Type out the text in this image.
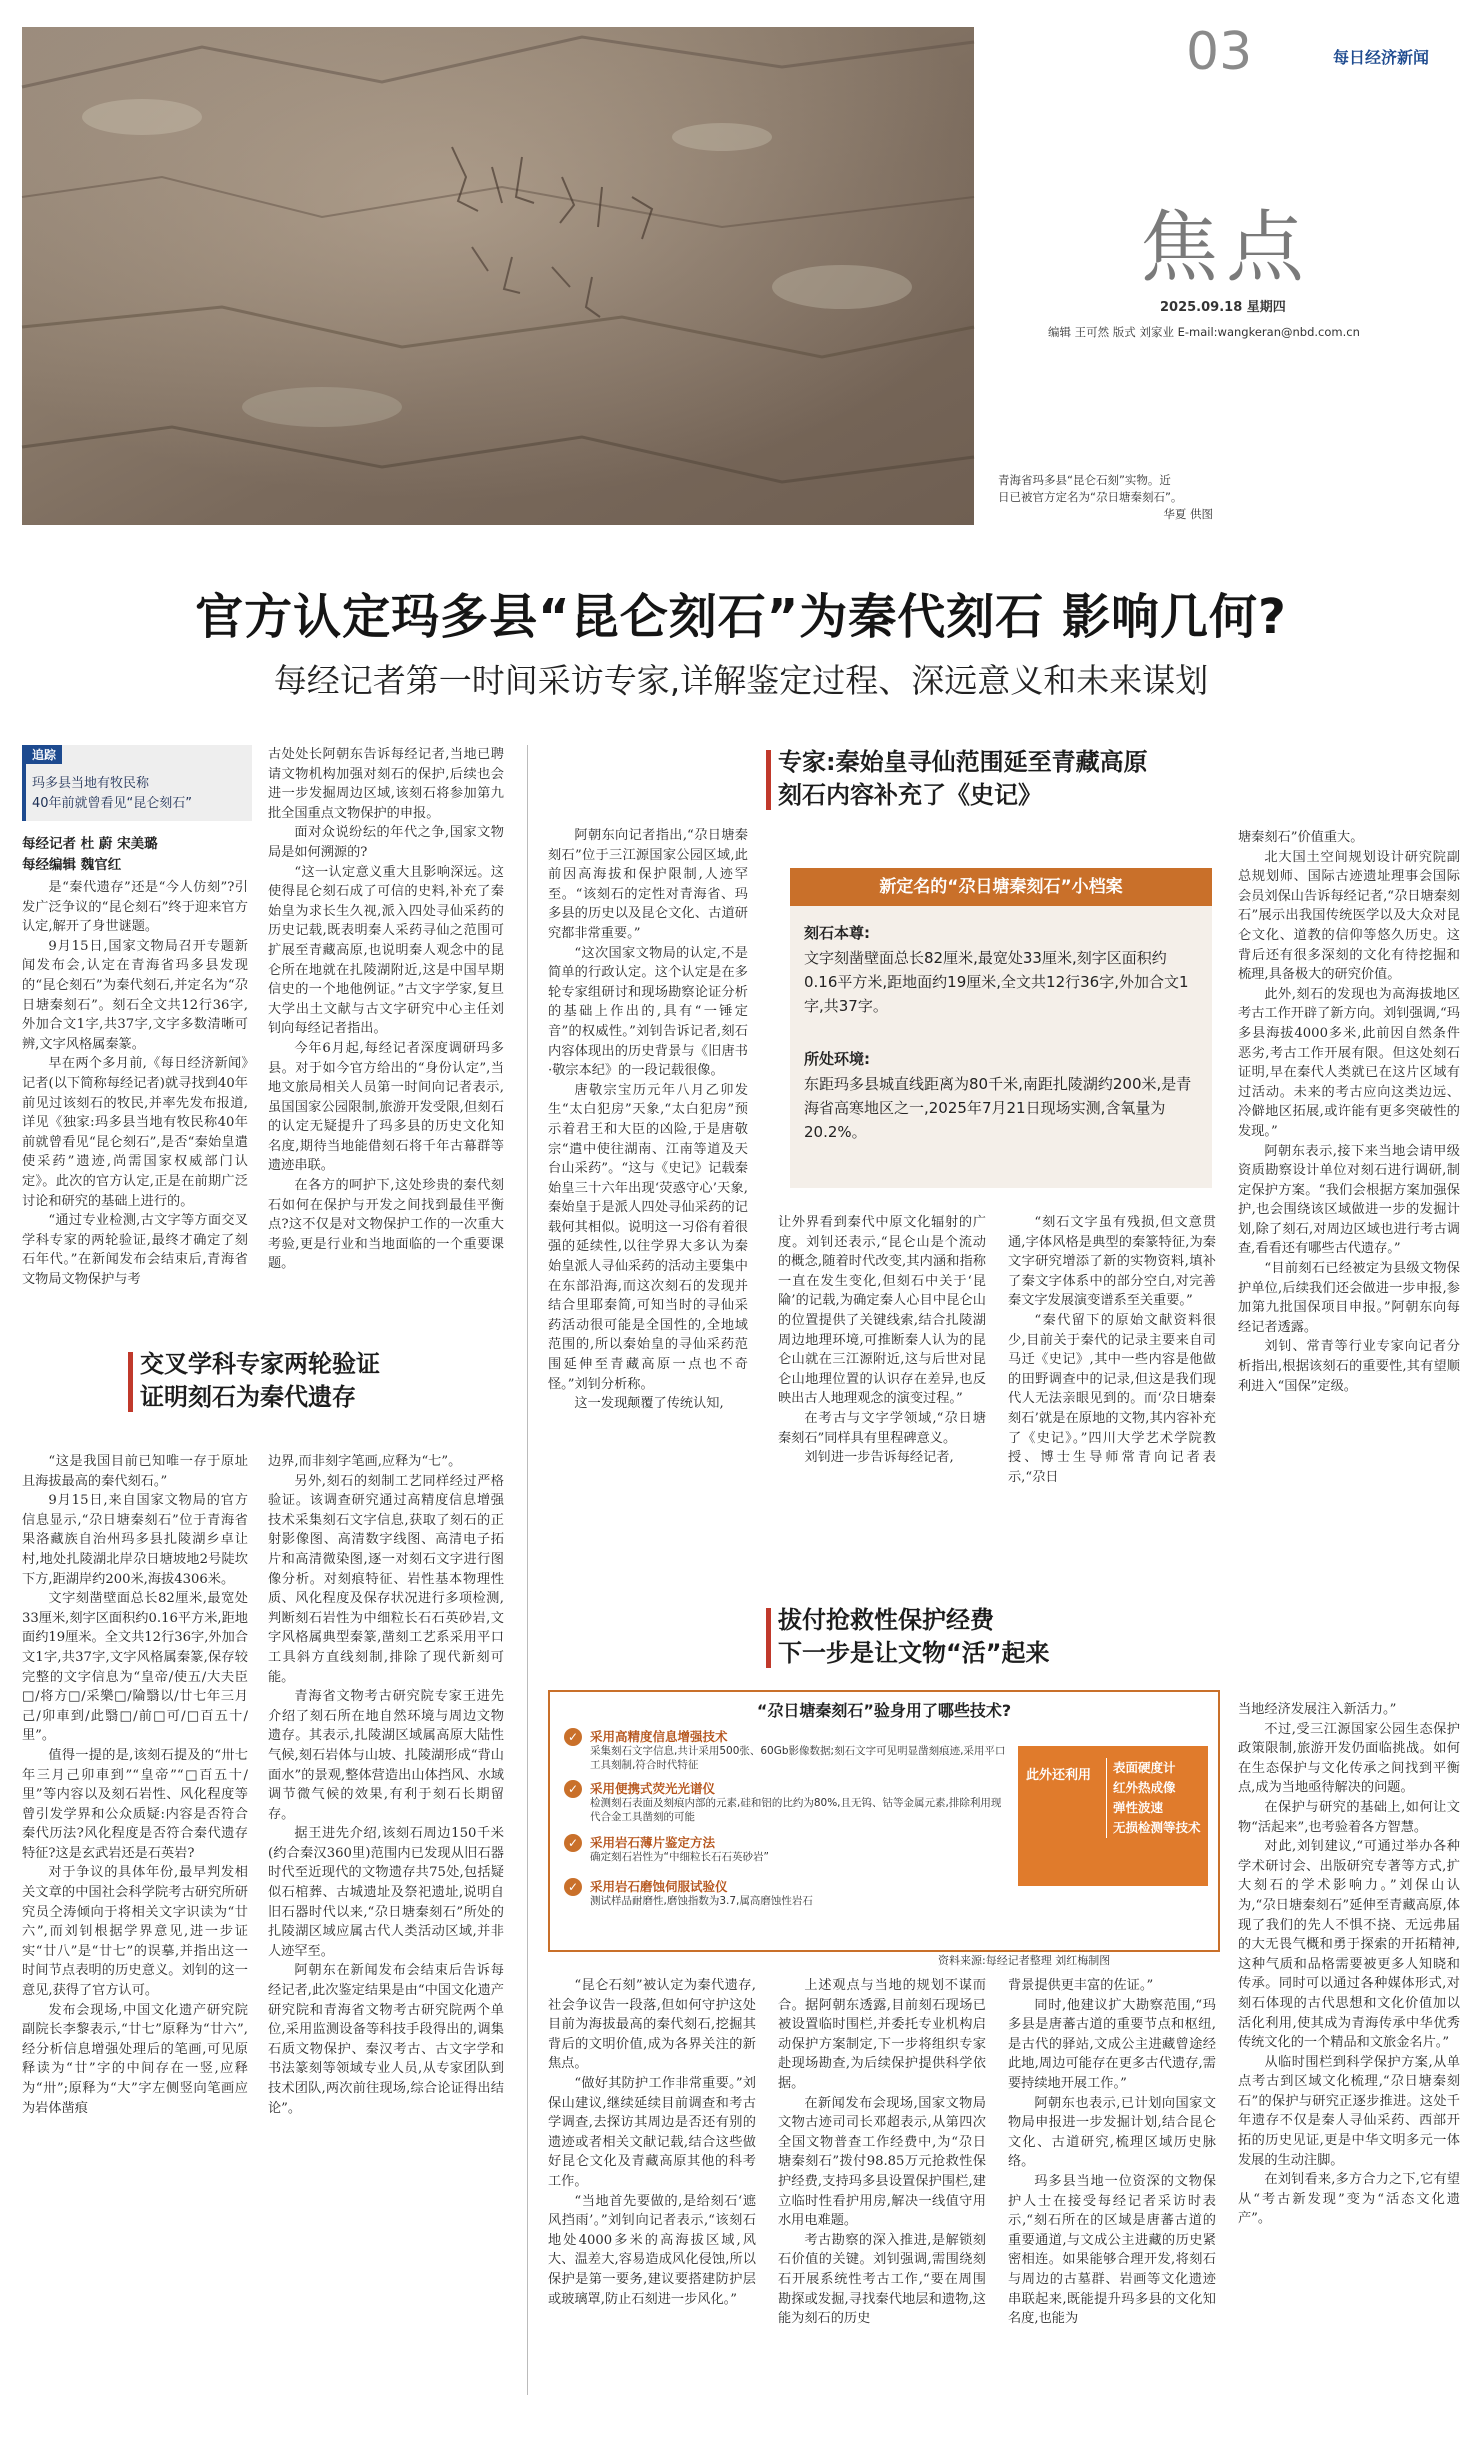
03	每日经济新闻
焦点
2025.09.18 星期四
编辑 王可然 版式 刘家业 E-mail:wangkeran@nbd.com.cn
青海省玛多县“昆仑石刻”实物。近
日已被官方定名为“尕日塘秦刻石”。
华夏 供图
官方认定玛多县“昆仑刻石”为秦代刻石 影响几何?
每经记者第一时间采访专家,详解鉴定过程、深远意义和未来谋划
追踪
玛多县当地有牧民称
40年前就曾看见“昆仑刻石”
每经记者 杜 蔚 宋美璐
每经编辑 魏官红

是“秦代遗存”还是“今人仿刻”?引发广泛争议的“昆仑刻石”终于迎来官方认定,解开了身世谜题。

9月15日,国家文物局召开专题新闻发布会,认定在青海省玛多县发现的“昆仑刻石”为秦代刻石,并定名为“尕日塘秦刻石”。刻石全文共12行36字,外加合文1字,共37字,文字多数清晰可辨,文字风格属秦篆。

早在两个多月前,《每日经济新闻》记者(以下简称每经记者)就寻找到40年前见过该刻石的牧民,并率先发布报道,详见《独家:玛多县当地有牧民称40年前就曾看见“昆仑刻石”,是否“秦始皇遣使采药”遗迹,尚需国家权威部门认定》。此次的官方认定,正是在前期广泛讨论和研究的基础上进行的。

“通过专业检测,古文字等方面交叉学科专家的两轮验证,最终才确定了刻石年代。”在新闻发布会结束后,青海省文物局文物保护与考

古处处长阿朝东告诉每经记者,当地已聘请文物机构加强对刻石的保护,后续也会进一步发掘周边区域,该刻石将参加第九批全国重点文物保护的申报。

面对众说纷纭的年代之争,国家文物局是如何溯源的?

“这一认定意义重大且影响深远。这使得昆仑刻石成了可信的史料,补充了秦始皇为求长生久视,派入四处寻仙采药的历史记载,既表明秦人采药寻仙之范围可扩展至青藏高原,也说明秦人观念中的昆仑所在地就在扎陵湖附近,这是中国早期信史的一个地他例证。”古文字学家,复旦大学出土文献与古文字研究中心主任刘钊向每经记者指出。

今年6月起,每经记者深度调研玛多县。对于如今官方给出的“身份认定”,当地文旅局相关人员第一时间向记者表示,虽国国家公园限制,旅游开发受限,但刻石的认定无疑提升了玛多县的历史文化知名度,期待当地能借刻石将千年古幕群等遗迹串联。

在各方的呵护下,这处珍贵的秦代刻石如何在保护与开发之间找到最佳平衡点?这不仅是对文物保护工作的一次重大考验,更是行业和当地面临的一个重要课题。

交叉学科专家两轮验证
证明刻石为秦代遗存

“这是我国目前已知唯一存于原址且海拔最高的秦代刻石。”

9月15日,来自国家文物局的官方信息显示,“尕日塘秦刻石”位于青海省果洛藏族自治州玛多县扎陵湖乡卓让村,地处扎陵湖北岸尕日塘坡地2号陡坎下方,距湖岸约200米,海拔4306米。

文字刻凿壁面总长82厘米,最宽处33厘米,刻字区面积约0.16平方米,距地面约19厘米。全文共12行36字,外加合文1字,共37字,文字风格属秦篆,保存较完整的文字信息为“皇帝/使五/大夫臣□/将方□/采樂□/陯翳以/廿七年三月己/卯車到/此翳□/前□可/□百五十/里”。

值得一提的是,该刻石提及的“卅七年三月己卯車到”“皇帝”“□百五十/里”等内容以及刻石岩性、风化程度等曾引发学界和公众质疑:内容是否符合秦代历法?风化程度是否符合秦代遗存特征?这是玄武岩还是石英岩?

对于争议的具体年份,最早判发相关文章的中国社会科学院考古研究所研究员仝涛倾向于将相关文字识读为“廿六”,而刘钊根据学界意见,进一步证实“廿八”是“廿七”的误摹,并指出这一时间节点表明的历史意义。刘钊的这一意见,获得了官方认可。

发布会现场,中国文化遗产研究院副院长李黎表示,“廿七”原释为“廿六”,经分析信息增强处理后的笔画,可见原释读为“廿”字的中间存在一竖,应释为“卅”;原释为“大”字左侧竖向笔画应为岩体凿痕

边界,而非刻字笔画,应释为“七”。

另外,刻石的刻制工艺同样经过严格验证。该调查研究通过高精度信息增强技术采集刻石文字信息,获取了刻石的正射影像图、高清数字线图、高清电子拓片和高清微染图,逐一对刻石文字进行图像分析。对刻痕特征、岩性基本物理性质、风化程度及保存状况进行多项检测,判断刻石岩性为中细粒长石石英砂岩,文字风格属典型秦篆,凿刻工艺系采用平口工具斜方直线刻制,排除了现代新刻可能。

青海省文物考古研究院专家王进先介绍了刻石所在地自然环境与周边文物遗存。其表示,扎陵湖区域属高原大陆性气候,刻石岩体与山坡、扎陵湖形成“背山面水”的景观,整体营造出山体挡风、水域调节微气候的效果,有利于刻石长期留存。

据王进先介绍,该刻石周边150千米(约合秦汉360里)范围内已发现从旧石器时代至近现代的文物遗存共75处,包括疑似石棺葬、古城遗址及祭祀遗址,说明自旧石器时代以来,“尕日塘秦刻石”所处的扎陵湖区域应属古代人类活动区域,并非人迹罕至。

阿朝东在新闻发布会结束后告诉每经记者,此次鉴定结果是由“中国文化遗产研究院和青海省文物考古研究院两个单位,采用监测设备等科技手段得出的,调集石质文物保护、秦汉考古、古文字学和书法篆刻等领域专业人员,从专家团队到技术团队,两次前往现场,综合论证得出结论”。

阿朝东向记者指出,“尕日塘秦刻石”位于三江源国家公园区域,此前因高海拔和保护限制,人迹罕至。“该刻石的定性对青海省、玛多县的历史以及昆仑文化、古道研究都非常重要。”

“这次国家文物局的认定,不是简单的行政认定。这个认定是在多轮专家组研讨和现场勘察论证分析的基础上作出的,具有“一锤定音”的权威性。”刘钊告诉记者,刻石内容体现出的历史背景与《旧唐书·敬宗本纪》的一段记载很像。

唐敬宗宝历元年八月乙卯发生“太白犯房”天象,“太白犯房”预示着君王和大臣的凶险,于是唐敬宗“遣中使往湖南、江南等道及天台山采药”。“这与《史记》记载秦始皇三十六年出现‘荧惑守心’天象,秦始皇于是派人四处寻仙采药的记载何其相似。说明这一习俗有着很强的延续性,以往学界大多认为秦始皇派人寻仙采药的活动主要集中在东部沿海,而这次刻石的发现并结合里耶秦简,可知当时的寻仙采药活动很可能是全国性的,全地域范围的,所以秦始皇的寻仙采药范围延伸至青藏高原一点也不奇怪。”刘钊分析称。

这一发现颠覆了传统认知,

专家:秦始皇寻仙范围延至青藏高原
刻石内容补充了《史记》
新定名的“尕日塘秦刻石”小档案
刻石本尊:
文字刻凿壁面总长82厘米,最宽处33厘米,刻字区面积约0.16平方米,距地面约19厘米,全文共12行36字,外加合文1字,共37字。
所处环境:
东距玛多县城直线距离为80千米,南距扎陵湖约200米,是青海省高寒地区之一,2025年7月21日现场实测,含氧量为20.2%。

让外界看到秦代中原文化辐射的广度。刘钊还表示,“昆仑山是个流动的概念,随着时代改变,其内涵和指称一直在发生变化,但刻石中关于‘昆陯’的记载,为确定秦人心目中昆仑山的位置提供了关键线索,结合扎陵湖周边地理环境,可推断秦人认为的昆仑山就在三江源附近,这与后世对昆仑山地理位置的认识存在差异,也反映出古人地理观念的演变过程。”

在考古与文字学领域,“尕日塘秦刻石”同样具有里程碑意义。

刘钊进一步告诉每经记者,

“刻石文字虽有残损,但文意贯通,字体风格是典型的秦篆特征,为秦文字研究增添了新的实物资料,填补了秦文字体系中的部分空白,对完善秦文字发展演变谱系至关重要。”

“秦代留下的原始文献资料很少,目前关于秦代的记录主要来自司马迁《史记》,其中一些内容是他做的田野调查中的记录,但这是我们现代人无法亲眼见到的。而‘尕日塘秦刻石’就是在原地的文物,其内容补充了《史记》。”四川大学艺术学院教授、博士生导师常青向记者表示,“尕日

塘秦刻石”价值重大。

北大国土空间规划设计研究院副总规划师、国际古迹遗址理事会国际会员刘保山告诉每经记者,“尕日塘秦刻石”展示出我国传统医学以及大众对昆仑文化、道教的信仰等悠久历史。这背后还有很多深刻的文化有待挖掘和梳理,具备极大的研究价值。

此外,刻石的发现也为高海拔地区考古工作开辟了新方向。刘钊强调,“玛多县海拔4000多米,此前因自然条件恶劣,考古工作开展有限。但这处刻石证明,早在秦代人类就已在这片区域有过活动。未来的考古应向这类边远、冷僻地区拓展,或许能有更多突破性的发现。”

阿朝东表示,接下来当地会请甲级资质勘察设计单位对刻石进行调研,制定保护方案。“我们会根据方案加强保护,也会围绕该区域做进一步的发掘计划,除了刻石,对周边区域也进行考古调查,看看还有哪些古代遗存。”

“目前刻石已经被定为县级文物保护单位,后续我们还会做进一步申报,参加第九批国保项目申报。”阿朝东向每经记者透露。

刘钊、常青等行业专家向记者分析指出,根据该刻石的重要性,其有望顺利进入“国保”定级。

拔付抢救性保护经费
下一步是让文物“活”起来
“尕日塘秦刻石”验身用了哪些技术?
✓ 采用高精度信息增强技术
采集刻石文字信息,共计采用500张、60Gb影像数据;刻石文字可见明显凿刻痕迹,采用平口工具刻制,符合时代特征
✓ 采用便携式荧光光谱仪
检测刻石表面及刻痕内部的元素,硅和铝的比约为80%,且无钨、钴等金属元素,排除利用现代合金工具凿刻的可能
✓ 采用岩石薄片鉴定方法
确定刻石岩性为“中细粒长石石英砂岩”
✓ 采用岩石磨蚀伺服试验仪
测试样品耐磨性,磨蚀指数为3.7,属高磨蚀性岩石
此外还利用
表面硬度计
红外热成像
弹性波速
无损检测等技术
资料来源:每经记者整理 刘红梅制图

“昆仑石刻”被认定为秦代遗存,社会争议告一段落,但如何守护这处目前为海拔最高的秦代刻石,挖掘其背后的文明价值,成为各界关注的新焦点。

“做好其防护工作非常重要。”刘保山建议,继续延续目前调查和考古学调查,去探访其周边是否还有别的遗迹或者相关文献记载,结合这些做好昆仑文化及青藏高原其他的科考工作。

“当地首先要做的,是给刻石‘遮风挡雨’。”刘钊向记者表示,“该刻石地处4000多米的高海拔区域,风大、温差大,容易造成风化侵蚀,所以保护是第一要务,建议要搭建防护层或玻璃罩,防止石刻进一步风化。”

上述观点与当地的规划不谋而合。据阿朝东透露,目前刻石现场已被设置临时围栏,并委托专业机构启动保护方案制定,下一步将组织专家赴现场勘查,为后续保护提供科学依据。

在新闻发布会现场,国家文物局文物古迹司司长邓超表示,从第四次全国文物普查工作经费中,为“尕日塘秦刻石”拨付98.85万元抢救性保护经费,支持玛多县设置保护围栏,建立临时性看护用房,解决一线值守用水用电难题。

考古勘察的深入推进,是解锁刻石价值的关键。刘钊强调,需围绕刻石开展系统性考古工作,“要在周围勘探或发掘,寻找秦代地层和遗物,这能为刻石的历史

背景提供更丰富的佐证。”

同时,他建议扩大勘察范围,“玛多县是唐蕃古道的重要节点和枢纽,是古代的驿站,文成公主进藏曾途经此地,周边可能存在更多古代遗存,需要持续地开展工作。”

阿朝东也表示,已计划向国家文物局申报进一步发掘计划,结合昆仑文化、古道研究,梳理区域历史脉络。

玛多县当地一位资深的文物保护人士在接受每经记者采访时表示,“刻石所在的区域是唐蕃古道的重要通道,与文成公主进藏的历史紧密相连。如果能够合理开发,将刻石与周边的古墓群、岩画等文化遗迹串联起来,既能提升玛多县的文化知名度,也能为

当地经济发展注入新活力。”

不过,受三江源国家公园生态保护政策限制,旅游开发仍面临挑战。如何在生态保护与文化传承之间找到平衡点,成为当地亟待解决的问题。

在保护与研究的基础上,如何让文物“活起来”,也考验着各方智慧。

对此,刘钊建议,“可通过举办各种学术研讨会、出版研究专著等方式,扩大刻石的学术影响力。”刘保山认为,“尕日塘秦刻石”延伸至青藏高原,体现了我们的先人不惧不挠、无远弗届的大无畏气概和勇于探索的开拓精神,这种气质和品格需要被更多人知晓和传承。同时可以通过各种媒体形式,对刻石体现的古代思想和文化价值加以活化利用,使其成为青海传承中华优秀传统文化的一个精品和文旅金名片。”

从临时围栏到科学保护方案,从单点考古到区域文化梳理,“尕日塘秦刻石”的保护与研究正逐步推进。这处千年遗存不仅是秦人寻仙采药、西部开拓的历史见证,更是中华文明多元一体发展的生动注脚。

在刘钊看来,多方合力之下,它有望从“考古新发现”变为“活态文化遗产”。
